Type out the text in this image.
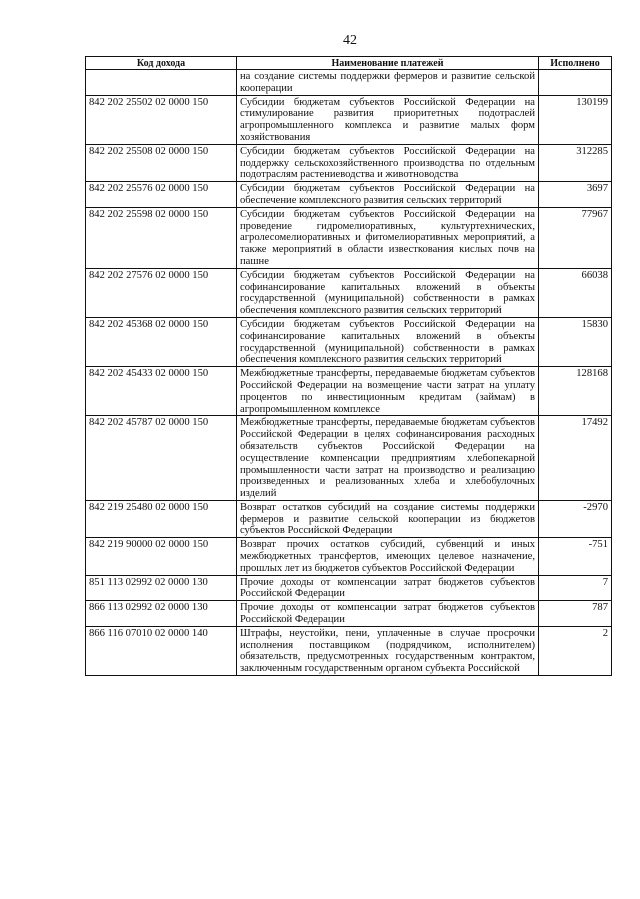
42
Код дохода	Наименование платежей	Исполнено
	на создание системы поддержки фермеров и развитие сельской кооперации	
842 202 25502 02 0000 150	Субсидии бюджетам субъектов Российской Федерации на стимулирование развития приоритетных подотраслей агропромышленного комплекса и развитие малых форм хозяйствования	130199
842 202 25508 02 0000 150	Субсидии бюджетам субъектов Российской Федерации на поддержку сельскохозяйственного производства по отдельным подотраслям растениеводства и животноводства	312285
842 202 25576 02 0000 150	Субсидии бюджетам субъектов Российской Федерации на обеспечение комплексного развития сельских территорий	3697
842 202 25598 02 0000 150	Субсидии бюджетам субъектов Российской Федерации на проведение гидромелиоративных, культуртехнических, агролесомелиоративных и фитомелиоративных мероприятий, а также мероприятий в области известкования кислых почв на пашне	77967
842 202 27576 02 0000 150	Субсидии бюджетам субъектов Российской Федерации на софинансирование капитальных вложений в объекты государственной (муниципальной) собственности в рамках обеспечения комплексного развития сельских территорий	66038
842 202 45368 02 0000 150	Субсидии бюджетам субъектов Российской Федерации на софинансирование капитальных вложений в объекты государственной (муниципальной) собственности в рамках обеспечения комплексного развития сельских территорий	15830
842 202 45433 02 0000 150	Межбюджетные трансферты, передаваемые бюджетам субъектов Российской Федерации на возмещение части затрат на уплату процентов по инвестиционным кредитам (займам) в агропромышленном комплексе	128168
842 202 45787 02 0000 150	Межбюджетные трансферты, передаваемые бюджетам субъектов Российской Федерации в целях софинансирования расходных обязательств субъектов Российской Федерации на осуществление компенсации предприятиям хлебопекарной промышленности части затрат на производство и реализацию произведенных и реализованных хлеба и хлебобулочных изделий	17492
842 219 25480 02 0000 150	Возврат остатков субсидий на создание системы поддержки фермеров и развитие сельской кооперации из бюджетов субъектов Российской Федерации	-2970
842 219 90000 02 0000 150	Возврат прочих остатков субсидий, субвенций и иных межбюджетных трансфертов, имеющих целевое назначение, прошлых лет из бюджетов субъектов Российской Федерации	-751
851 113 02992 02 0000 130	Прочие доходы от компенсации затрат бюджетов субъектов Российской Федерации	7
866 113 02992 02 0000 130	Прочие доходы от компенсации затрат бюджетов субъектов Российской Федерации	787
866 116 07010 02 0000 140	Штрафы, неустойки, пени, уплаченные в случае просрочки исполнения поставщиком (подрядчиком, исполнителем) обязательств, предусмотренных государственным контрактом, заключенным государственным органом субъекта Российской	2
